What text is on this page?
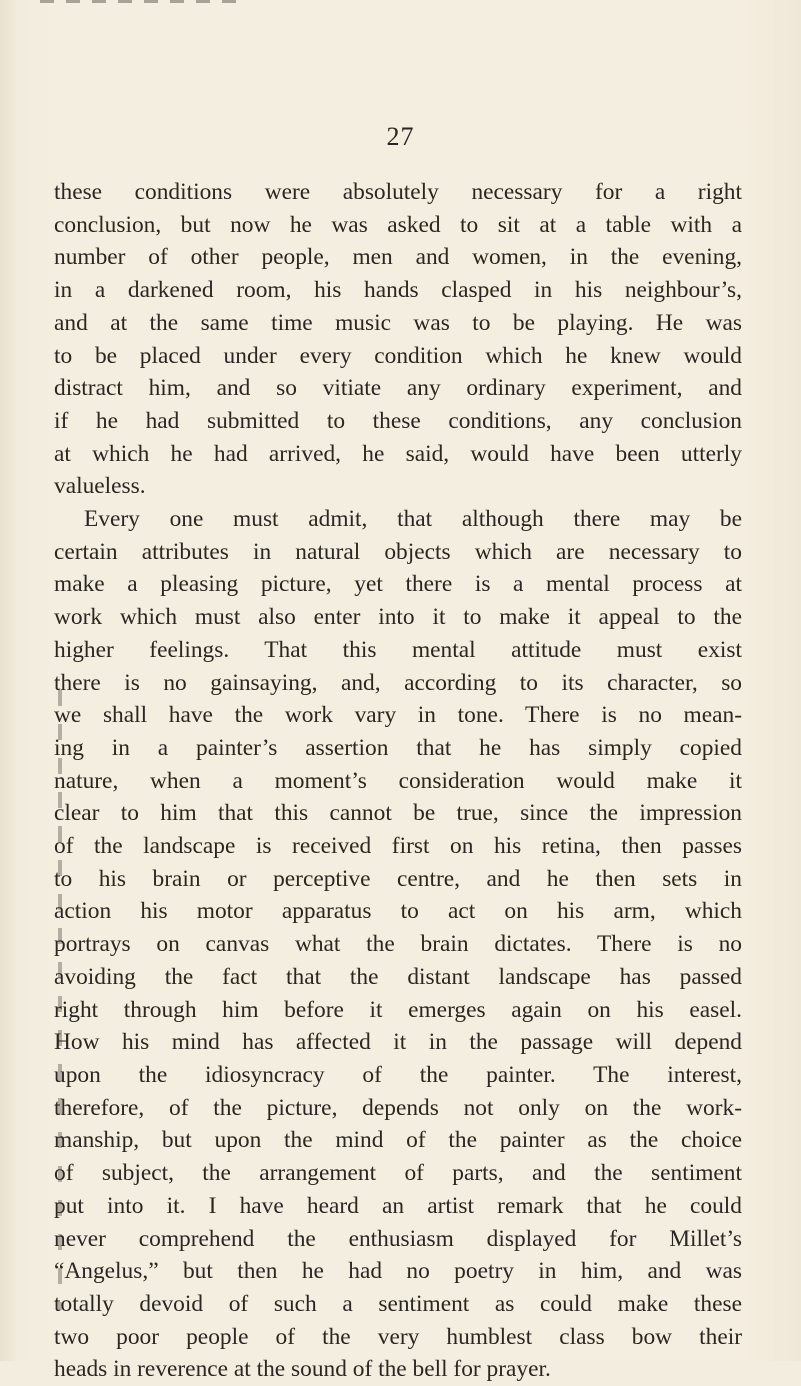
27
these conditions were absolutely necessary for a right
conclusion, but now he was asked to sit at a table with a
number of other people, men and women, in the evening,
in a darkened room, his hands clasped in his neighbour’s,
and at the same time music was to be playing. He was
to be placed under every condition which he knew would
distract him, and so vitiate any ordinary experiment, and
if he had submitted to these conditions, any conclusion
at which he had arrived, he said, would have been utterly
valueless.
Every one must admit, that although there may be
certain attributes in natural objects which are necessary to
make a pleasing picture, yet there is a mental process at
work which must also enter into it to make it appeal to the
higher feelings. That this mental attitude must exist
there is no gainsaying, and, according to its character, so
we shall have the work vary in tone. There is no mean-
ing in a painter’s assertion that he has simply copied
nature, when a moment’s consideration would make it
clear to him that this cannot be true, since the impression
of the landscape is received first on his retina, then passes
to his brain or perceptive centre, and he then sets in
action his motor apparatus to act on his arm, which
portrays on canvas what the brain dictates. There is no
avoiding the fact that the distant landscape has passed
right through him before it emerges again on his easel.
How his mind has affected it in the passage will depend
upon the idiosyncracy of the painter. The interest,
therefore, of the picture, depends not only on the work-
manship, but upon the mind of the painter as the choice
of subject, the arrangement of parts, and the sentiment
put into it. I have heard an artist remark that he could
never comprehend the enthusiasm displayed for Millet’s
“Angelus,” but then he had no poetry in him, and was
totally devoid of such a sentiment as could make these
two poor people of the very humblest class bow their
heads in reverence at the sound of the bell for prayer.
